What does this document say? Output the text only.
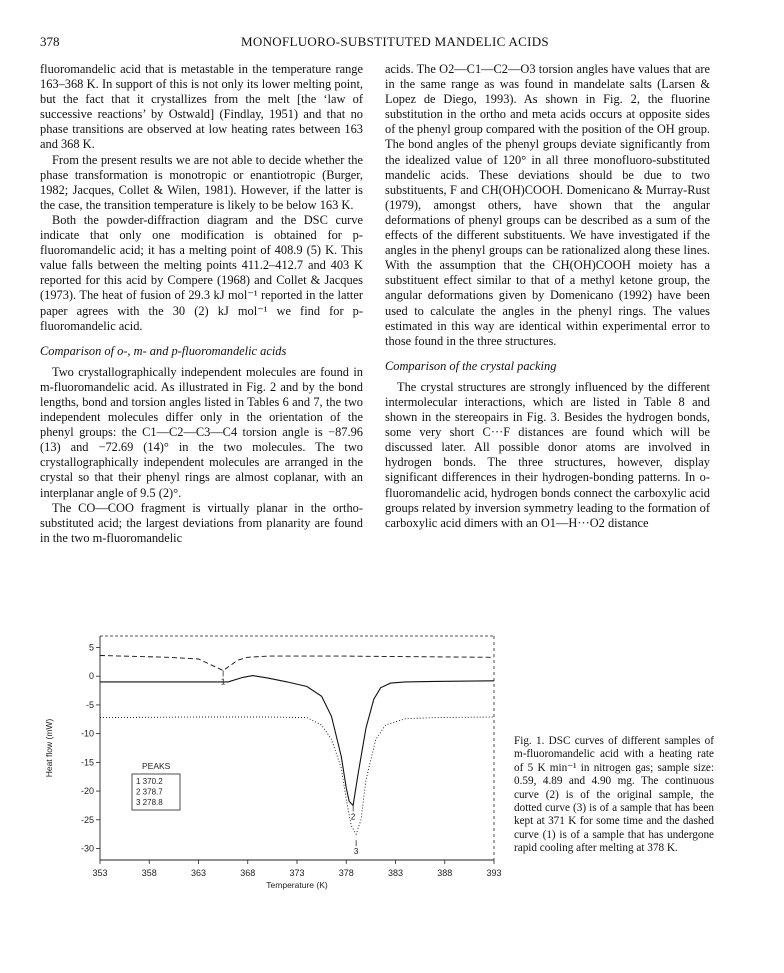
378	MONOFLUORO-SUBSTITUTED MANDELIC ACIDS

fluoromandelic acid that is metastable in the temperature range 163–368 K. In support of this is not only its lower melting point, but the fact that it crystallizes from the melt [the ‘law of successive reactions’ by Ostwald] (Findlay, 1951) and that no phase transitions are observed at low heating rates between 163 and 368 K.

From the present results we are not able to decide whether the phase transformation is monotropic or enantiotropic (Burger, 1982; Jacques, Collet & Wilen, 1981). However, if the latter is the case, the transition temperature is likely to be below 163 K.

Both the powder-diffraction diagram and the DSC curve indicate that only one modification is obtained for p-fluoromandelic acid; it has a melting point of 408.9 (5) K. This value falls between the melting points 411.2–412.7 and 403 K reported for this acid by Compere (1968) and Collet & Jacques (1973). The heat of fusion of 29.3 kJ mol⁻¹ reported in the latter paper agrees with the 30 (2) kJ mol⁻¹ we find for p-fluoromandelic acid.

Comparison of o-, m- and p-fluoromandelic acids

Two crystallographically independent molecules are found in m-fluoromandelic acid. As illustrated in Fig. 2 and by the bond lengths, bond and torsion angles listed in Tables 6 and 7, the two independent molecules differ only in the orientation of the phenyl groups: the C1—C2—C3—C4 torsion angle is −87.96 (13) and −72.69 (14)° in the two molecules. The two crystallographically independent molecules are arranged in the crystal so that their phenyl rings are almost coplanar, with an interplanar angle of 9.5 (2)°.

The CO—COO fragment is virtually planar in the ortho-substituted acid; the largest deviations from planarity are found in the two m-fluoromandelic

acids. The O2—C1—C2—O3 torsion angles have values that are in the same range as was found in mandelate salts (Larsen & Lopez de Diego, 1993). As shown in Fig. 2, the fluorine substitution in the ortho and meta acids occurs at opposite sides of the phenyl group compared with the position of the OH group. The bond angles of the phenyl groups deviate significantly from the idealized value of 120° in all three monofluoro-substituted mandelic acids. These deviations should be due to two substituents, F and CH(OH)COOH. Domenicano & Murray-Rust (1979), amongst others, have shown that the angular deformations of phenyl groups can be described as a sum of the effects of the different substituents. We have investigated if the angles in the phenyl groups can be rationalized along these lines. With the assumption that the CH(OH)COOH moiety has a substituent effect similar to that of a methyl ketone group, the angular deformations given by Domenicano (1992) have been used to calculate the angles in the phenyl rings. The values estimated in this way are identical within experimental error to those found in the three structures.

Comparison of the crystal packing

The crystal structures are strongly influenced by the different intermolecular interactions, which are listed in Table 8 and shown in the stereopairs in Fig. 3. Besides the hydrogen bonds, some very short C···F distances are found which will be discussed later. All possible donor atoms are involved in hydrogen bonds. The three structures, however, display significant differences in their hydrogen-bonding patterns. In o-fluoromandelic acid, hydrogen bonds connect the carboxylic acid groups related by inversion symmetry leading to the formation of carboxylic acid dimers with an O1—H···O2 distance

353	358	363	368	373	378	383	388	393
5
0
-5
-10
-15
-20
-25
-30
Temperature (K)
Heat flow (mW)
1
2
3
PEAKS
1 370.2
2 378.7
3 278.8
Fig. 1. DSC curves of different samples of m-fluoromandelic acid with a heating rate of 5 K min⁻¹ in nitrogen gas; sample size: 0.59, 4.89 and 4.90 mg. The continuous curve (2) is of the original sample, the dotted curve (3) is of a sample that has been kept at 371 K for some time and the dashed curve (1) is of a sample that has undergone rapid cooling after melting at 378 K.
